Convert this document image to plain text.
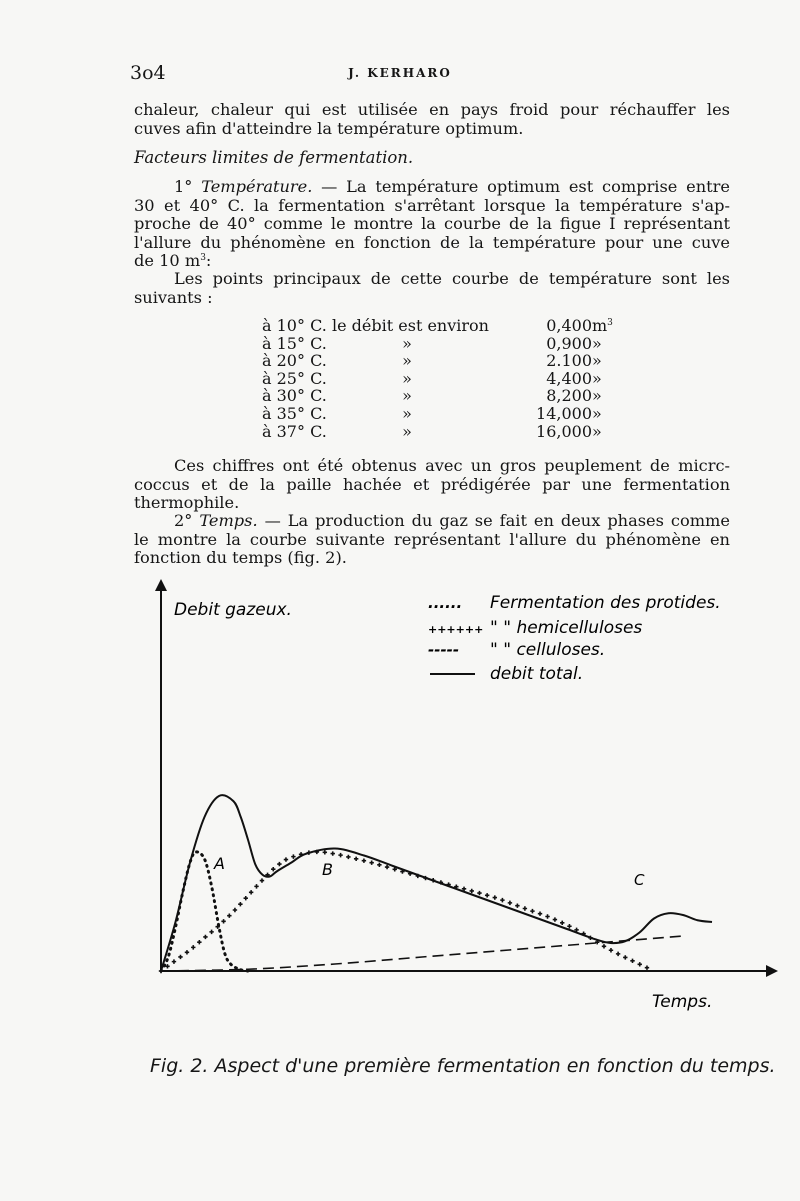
3o4	J. KERHARO
chaleur, chaleur qui est utilisée en pays froid pour réchauffer les
cuves afin d'atteindre la température optimum.
Facteurs limites de fermentation.
1° Température. — La température optimum est comprise entre
30 et 40° C. la fermentation s'arrêtant lorsque la température s'ap-
proche de 40° comme le montre la courbe de la figue I représentant
l'allure du phénomène en fonction de la température pour une cuve
de 10 $m^3$:
Les points principaux de cette courbe de température sont les
suivants :
à 10° C.	le débit est environ	0,400	$m^3$
à 15° C.	»	0,900	»
à 20° C.	»	2.100	»
à 25° C.	»	4,400	»
à 30° C.	»	8,200	»
à 35° C.	»	14,000	»
à 37° C.	»	16,000	»
Ces chiffres ont été obtenus avec un gros peuplement de micrc-
coccus et de la paille hachée et prédigérée par une fermentation
thermophile.
2° Temps. — La production du gaz se fait en deux phases comme
le montre la courbe suivante représentant l'allure du phénomène en
fonction du temps (fig. 2).
Debit gazeux.
Temps.
...... Fermentation des protides.
++++++ " " hemicelluloses
----- " " celluloses.
debit total.
A	B
C
Fig. 2. Aspect d'une première fermentation en fonction du temps.
